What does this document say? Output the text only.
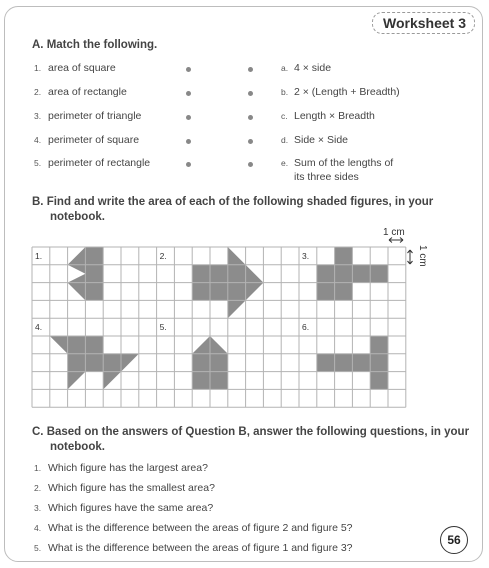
Worksheet 3
A. Match the following.
1. area of square	a. 4 × side
2. area of rectangle	b. 2 × (Length + Breadth)
3. perimeter of triangle	c. Length × Breadth
4. perimeter of square	d. Side × Side
5. perimeter of rectangle	e. Sum of the lengths of
its three sides
B. Find and write the area of each of the following shaded figures, in your
notebook.
1 cm
1 cm
1.	2.	3.
4.	5.	6.
C. Based on the answers of Question B, answer the following questions, in your
notebook.
1. Which figure has the largest area?
2. Which figure has the smallest area?
3. Which figures have the same area?
4. What is the difference between the areas of figure 2 and figure 5?
5. What is the difference between the areas of figure 1 and figure 3?
56
